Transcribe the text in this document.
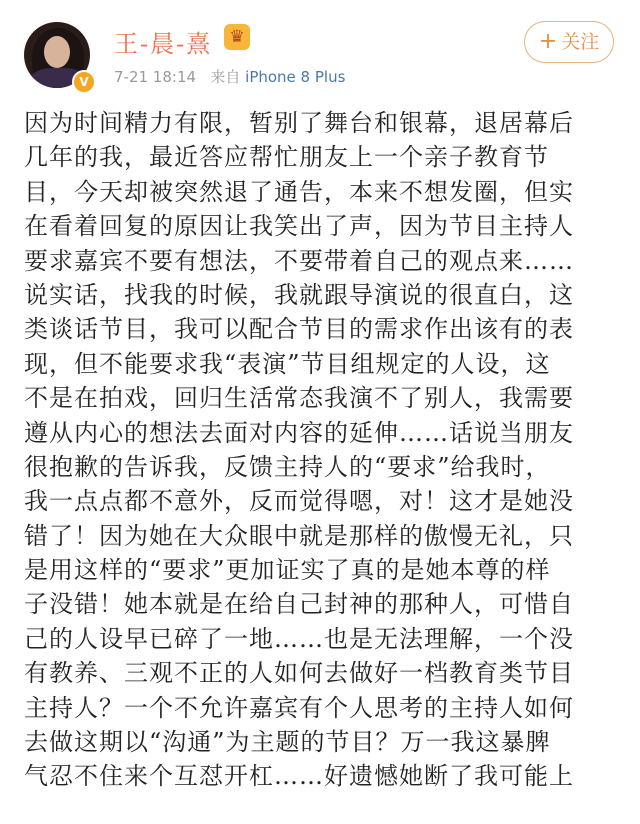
V
王-晨-熹	♛
7-21 18:14 来自 iPhone 8 Plus
+ 关注
因为时间精力有限，暂别了舞台和银幕，退居幕后
几年的我，最近答应帮忙朋友上一个亲子教育节
目，今天却被突然退了通告，本来不想发圈，但实
在看着回复的原因让我笑出了声，因为节目主持人
要求嘉宾不要有想法，不要带着自己的观点来……
说实话，找我的时候，我就跟导演说的很直白，这
类谈话节目，我可以配合节目的需求作出该有的表
现，但不能要求我“表演”节目组规定的人设，这
不是在拍戏，回归生活常态我演不了别人，我需要
遵从内心的想法去面对内容的延伸……话说当朋友
很抱歉的告诉我，反馈主持人的“要求”给我时，
我一点点都不意外，反而觉得嗯，对！这才是她没
错了！因为她在大众眼中就是那样的傲慢无礼，只
是用这样的“要求”更加证实了真的是她本尊的样
子没错！她本就是在给自己封神的那种人，可惜自
己的人设早已碎了一地……也是无法理解，一个没
有教养、三观不正的人如何去做好一档教育类节目
主持人？一个不允许嘉宾有个人思考的主持人如何
去做这期以“沟通”为主题的节目？万一我这暴脾
气忍不住来个互怼开杠……好遗憾她断了我可能上
